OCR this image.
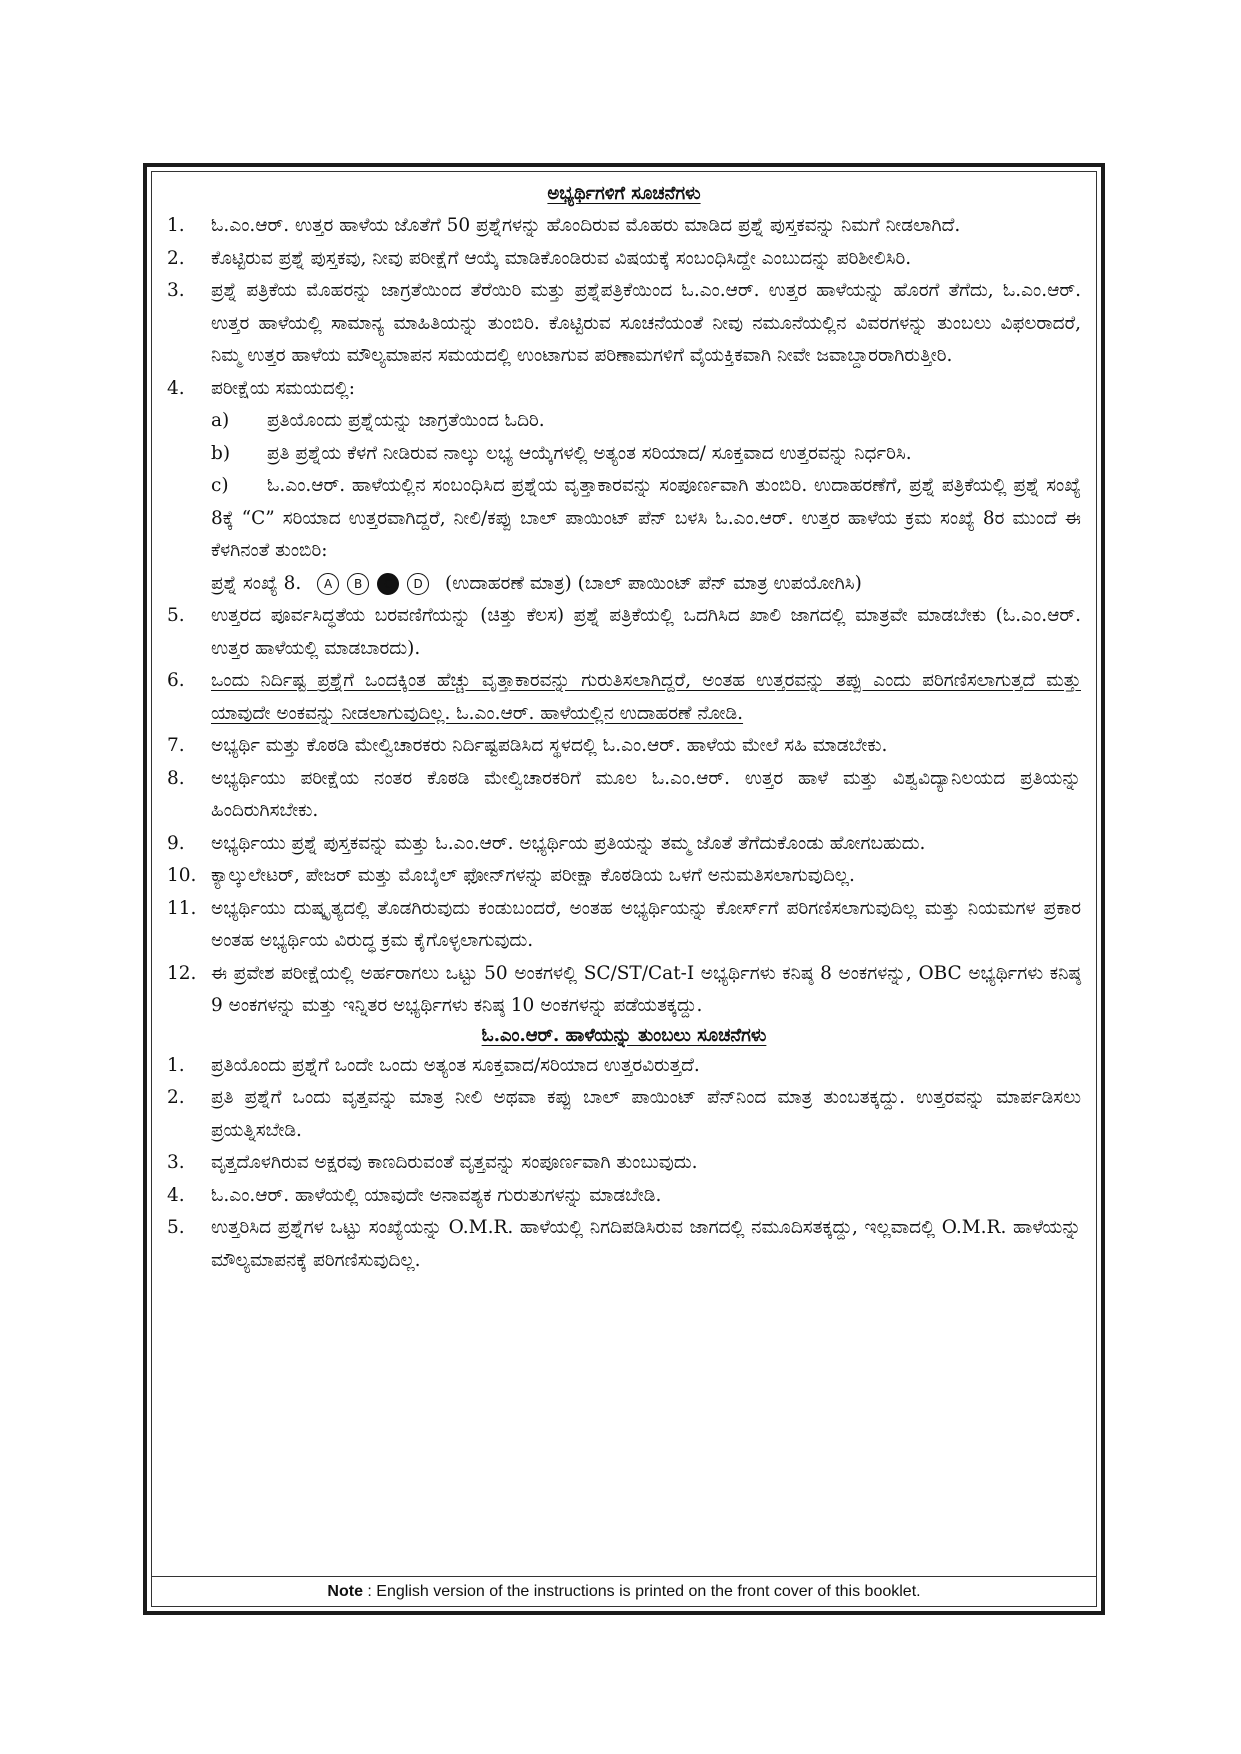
ಅಭ್ಯರ್ಥಿಗಳಿಗೆ ಸೂಚನೆಗಳು
1.	ಓ.ಎಂ.ಆರ್. ಉತ್ತರ ಹಾಳೆಯ ಜೊತೆಗೆ 50 ಪ್ರಶ್ನೆಗಳನ್ನು ಹೊಂದಿರುವ ಮೊಹರು ಮಾಡಿದ ಪ್ರಶ್ನೆ ಪುಸ್ತಕವನ್ನು ನಿಮಗೆ ನೀಡಲಾಗಿದೆ.
2.	ಕೊಟ್ಟಿರುವ ಪ್ರಶ್ನೆ ಪುಸ್ತಕವು, ನೀವು ಪರೀಕ್ಷೆಗೆ ಆಯ್ಕೆ ಮಾಡಿಕೊಂಡಿರುವ ವಿಷಯಕ್ಕೆ ಸಂಬಂಧಿಸಿದ್ದೇ ಎಂಬುದನ್ನು ಪರಿಶೀಲಿಸಿರಿ.
3.	ಪ್ರಶ್ನೆ ಪತ್ರಿಕೆಯ ಮೊಹರನ್ನು ಜಾಗ್ರತೆಯಿಂದ ತೆರೆಯಿರಿ ಮತ್ತು ಪ್ರಶ್ನೆಪತ್ರಿಕೆಯಿಂದ ಓ.ಎಂ.ಆರ್. ಉತ್ತರ ಹಾಳೆಯನ್ನು ಹೊರಗೆ ತೆಗೆದು, ಓ.ಎಂ.ಆರ್. ಉತ್ತರ ಹಾಳೆಯಲ್ಲಿ ಸಾಮಾನ್ಯ ಮಾಹಿತಿಯನ್ನು ತುಂಬಿರಿ. ಕೊಟ್ಟಿರುವ ಸೂಚನೆಯಂತೆ ನೀವು ನಮೂನೆಯಲ್ಲಿನ ವಿವರಗಳನ್ನು ತುಂಬಲು ವಿಫಲರಾದರೆ, ನಿಮ್ಮ ಉತ್ತರ ಹಾಳೆಯ ಮೌಲ್ಯಮಾಪನ ಸಮಯದಲ್ಲಿ ಉಂಟಾಗುವ ಪರಿಣಾಮಗಳಿಗೆ ವೈಯಕ್ತಿಕವಾಗಿ ನೀವೇ ಜವಾಬ್ದಾರರಾಗಿರುತ್ತೀರಿ.
4.	ಪರೀಕ್ಷೆಯ ಸಮಯದಲ್ಲಿ:
a)	ಪ್ರತಿಯೊಂದು ಪ್ರಶ್ನೆಯನ್ನು ಜಾಗ್ರತೆಯಿಂದ ಓದಿರಿ.
b)	ಪ್ರತಿ ಪ್ರಶ್ನೆಯ ಕೆಳಗೆ ನೀಡಿರುವ ನಾಲ್ಕು ಲಭ್ಯ ಆಯ್ಕೆಗಳಲ್ಲಿ ಅತ್ಯಂತ ಸರಿಯಾದ/ ಸೂಕ್ತವಾದ ಉತ್ತರವನ್ನು ನಿರ್ಧರಿಸಿ.
c) ಓ.ಎಂ.ಆರ್. ಹಾಳೆಯಲ್ಲಿನ ಸಂಬಂಧಿಸಿದ ಪ್ರಶ್ನೆಯ ವೃತ್ತಾಕಾರವನ್ನು ಸಂಪೂರ್ಣವಾಗಿ ತುಂಬಿರಿ. ಉದಾಹರಣೆಗೆ, ಪ್ರಶ್ನೆ ಪತ್ರಿಕೆಯಲ್ಲಿ ಪ್ರಶ್ನೆ ಸಂಖ್ಯೆ 8ಕ್ಕೆ “C” ಸರಿಯಾದ ಉತ್ತರವಾಗಿದ್ದರೆ, ನೀಲಿ/ಕಪ್ಪು ಬಾಲ್ ಪಾಯಿಂಟ್ ಪೆನ್ ಬಳಸಿ ಓ.ಎಂ.ಆರ್. ಉತ್ತರ ಹಾಳೆಯ ಕ್ರಮ ಸಂಖ್ಯೆ 8ರ ಮುಂದೆ ಈ ಕೆಳಗಿನಂತೆ ತುಂಬಿರಿ:
ಪ್ರಶ್ನೆ ಸಂಖ್ಯೆ 8.	A	B	C	D	(ಉದಾಹರಣೆ ಮಾತ್ರ) (ಬಾಲ್ ಪಾಯಿಂಟ್ ಪೆನ್ ಮಾತ್ರ ಉಪಯೋಗಿಸಿ)
5.	ಉತ್ತರದ ಪೂರ್ವಸಿದ್ಧತೆಯ ಬರವಣಿಗೆಯನ್ನು (ಚಿತ್ತು ಕೆಲಸ) ಪ್ರಶ್ನೆ ಪತ್ರಿಕೆಯಲ್ಲಿ ಒದಗಿಸಿದ ಖಾಲಿ ಜಾಗದಲ್ಲಿ ಮಾತ್ರವೇ ಮಾಡಬೇಕು (ಓ.ಎಂ.ಆರ್. ಉತ್ತರ ಹಾಳೆಯಲ್ಲಿ ಮಾಡಬಾರದು).
6.	ಒಂದು ನಿರ್ದಿಷ್ಟ ಪ್ರಶ್ನೆಗೆ ಒಂದಕ್ಕಿಂತ ಹೆಚ್ಚು ವೃತ್ತಾಕಾರವನ್ನು ಗುರುತಿಸಲಾಗಿದ್ದರೆ, ಅಂತಹ ಉತ್ತರವನ್ನು ತಪ್ಪು ಎಂದು ಪರಿಗಣಿಸಲಾಗುತ್ತದೆ ಮತ್ತು ಯಾವುದೇ ಅಂಕವನ್ನು ನೀಡಲಾಗುವುದಿಲ್ಲ. ಓ.ಎಂ.ಆರ್. ಹಾಳೆಯಲ್ಲಿನ ಉದಾಹರಣೆ ನೋಡಿ.
7.	ಅಭ್ಯರ್ಥಿ ಮತ್ತು ಕೊಠಡಿ ಮೇಲ್ವಿಚಾರಕರು ನಿರ್ದಿಷ್ಟಪಡಿಸಿದ ಸ್ಥಳದಲ್ಲಿ ಓ.ಎಂ.ಆರ್. ಹಾಳೆಯ ಮೇಲೆ ಸಹಿ ಮಾಡಬೇಕು.
8.	ಅಭ್ಯರ್ಥಿಯು ಪರೀಕ್ಷೆಯ ನಂತರ ಕೊಠಡಿ ಮೇಲ್ವಿಚಾರಕರಿಗೆ ಮೂಲ ಓ.ಎಂ.ಆರ್. ಉತ್ತರ ಹಾಳೆ ಮತ್ತು ವಿಶ್ವವಿದ್ಯಾನಿಲಯದ ಪ್ರತಿಯನ್ನು ಹಿಂದಿರುಗಿಸಬೇಕು.
9.	ಅಭ್ಯರ್ಥಿಯು ಪ್ರಶ್ನೆ ಪುಸ್ತಕವನ್ನು ಮತ್ತು ಓ.ಎಂ.ಆರ್. ಅಭ್ಯರ್ಥಿಯ ಪ್ರತಿಯನ್ನು ತಮ್ಮ ಜೊತೆ ತೆಗೆದುಕೊಂಡು ಹೋಗಬಹುದು.
10. ಕ್ಯಾಲ್ಕುಲೇಟರ್, ಪೇಜರ್ ಮತ್ತು ಮೊಬೈಲ್ ಫೋನ್‌ಗಳನ್ನು ಪರೀಕ್ಷಾ ಕೊಠಡಿಯ ಒಳಗೆ ಅನುಮತಿಸಲಾಗುವುದಿಲ್ಲ.
11. ಅಭ್ಯರ್ಥಿಯು ದುಷ್ಕೃತ್ಯದಲ್ಲಿ ತೊಡಗಿರುವುದು ಕಂಡುಬಂದರೆ, ಅಂತಹ ಅಭ್ಯರ್ಥಿಯನ್ನು ಕೋರ್ಸ್‌ಗೆ ಪರಿಗಣಿಸಲಾಗುವುದಿಲ್ಲ ಮತ್ತು ನಿಯಮಗಳ ಪ್ರಕಾರ ಅಂತಹ ಅಭ್ಯರ್ಥಿಯ ವಿರುದ್ಧ ಕ್ರಮ ಕೈಗೊಳ್ಳಲಾಗುವುದು.
12. ಈ ಪ್ರವೇಶ ಪರೀಕ್ಷೆಯಲ್ಲಿ ಅರ್ಹರಾಗಲು ಒಟ್ಟು 50 ಅಂಕಗಳಲ್ಲಿ SC/ST/Cat-I ಅಭ್ಯರ್ಥಿಗಳು ಕನಿಷ್ಠ 8 ಅಂಕಗಳನ್ನು, OBC ಅಭ್ಯರ್ಥಿಗಳು ಕನಿಷ್ಠ 9 ಅಂಕಗಳನ್ನು ಮತ್ತು ಇನ್ನಿತರ ಅಭ್ಯರ್ಥಿಗಳು ಕನಿಷ್ಠ 10 ಅಂಕಗಳನ್ನು ಪಡೆಯತಕ್ಕದ್ದು.
ಓ.ಎಂ.ಆರ್. ಹಾಳೆಯನ್ನು ತುಂಬಲು ಸೂಚನೆಗಳು
1.	ಪ್ರತಿಯೊಂದು ಪ್ರಶ್ನೆಗೆ ಒಂದೇ ಒಂದು ಅತ್ಯಂತ ಸೂಕ್ತವಾದ/ಸರಿಯಾದ ಉತ್ತರವಿರುತ್ತದೆ.
2.	ಪ್ರತಿ ಪ್ರಶ್ನೆಗೆ ಒಂದು ವೃತ್ತವನ್ನು ಮಾತ್ರ ನೀಲಿ ಅಥವಾ ಕಪ್ಪು ಬಾಲ್ ಪಾಯಿಂಟ್ ಪೆನ್‌ನಿಂದ ಮಾತ್ರ ತುಂಬತಕ್ಕದ್ದು. ಉತ್ತರವನ್ನು ಮಾರ್ಪಡಿಸಲು ಪ್ರಯತ್ನಿಸಬೇಡಿ.
3.	ವೃತ್ತದೊಳಗಿರುವ ಅಕ್ಷರವು ಕಾಣದಿರುವಂತೆ ವೃತ್ತವನ್ನು ಸಂಪೂರ್ಣವಾಗಿ ತುಂಬುವುದು.
4.	ಓ.ಎಂ.ಆರ್. ಹಾಳೆಯಲ್ಲಿ ಯಾವುದೇ ಅನಾವಶ್ಯಕ ಗುರುತುಗಳನ್ನು ಮಾಡಬೇಡಿ.
5.	ಉತ್ತರಿಸಿದ ಪ್ರಶ್ನೆಗಳ ಒಟ್ಟು ಸಂಖ್ಯೆಯನ್ನು O.M.R. ಹಾಳೆಯಲ್ಲಿ ನಿಗದಿಪಡಿಸಿರುವ ಜಾಗದಲ್ಲಿ ನಮೂದಿಸತಕ್ಕದ್ದು, ಇಲ್ಲವಾದಲ್ಲಿ O.M.R. ಹಾಳೆಯನ್ನು ಮೌಲ್ಯಮಾಪನಕ್ಕೆ ಪರಿಗಣಿಸುವುದಿಲ್ಲ.
Note : English version of the instructions is printed on the front cover of this booklet.
